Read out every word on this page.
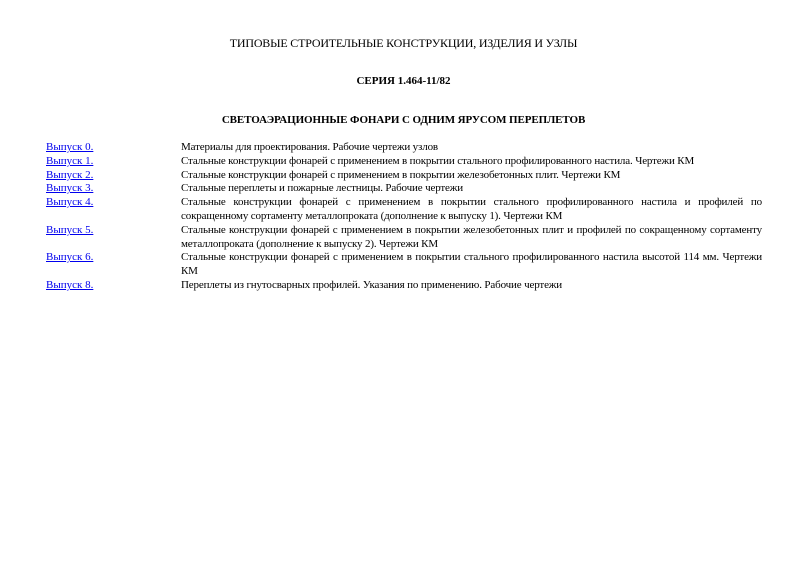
ТИПОВЫЕ СТРОИТЕЛЬНЫЕ КОНСТРУКЦИИ, ИЗДЕЛИЯ И УЗЛЫ
СЕРИЯ 1.464-11/82
СВЕТОАЭРАЦИОННЫЕ ФОНАРИ С ОДНИМ ЯРУСОМ ПЕРЕПЛЕТОВ
Выпуск 0.	Материалы для проектирования. Рабочие чертежи узлов
Выпуск 1.	Стальные конструкции фонарей с применением в покрытии стального профилированного настила. Чертежи КМ
Выпуск 2.	Стальные конструкции фонарей с применением в покрытии железобетонных плит. Чертежи КМ
Выпуск 3.	Стальные переплеты и пожарные лестницы. Рабочие чертежи
Выпуск 4.	Стальные конструкции фонарей с применением в покрытии стального профилированного настила и профилей по сокращенному сортаменту металлопроката (дополнение к выпуску 1). Чертежи КМ
Выпуск 5.	Стальные конструкции фонарей с применением в покрытии железобетонных плит и профилей по сокращенному сортаменту металлопроката (дополнение к выпуску 2). Чертежи КМ
Выпуск 6.	Стальные конструкции фонарей с применением в покрытии стального профилированного настила высотой 114 мм. Чертежи КМ
Выпуск 8.	Переплеты из гнутосварных профилей. Указания по применению. Рабочие чертежи
